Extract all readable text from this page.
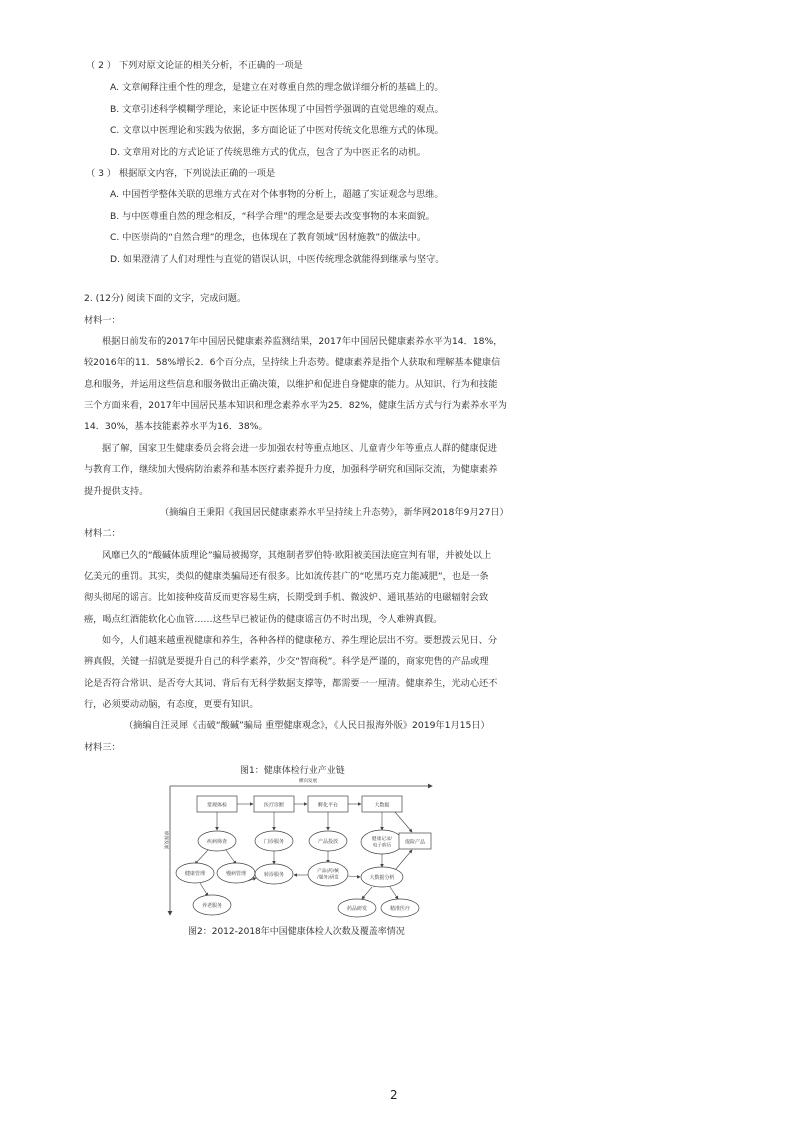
（ 2 ） 下列对原文论证的相关分析，不正确的一项是
A. 文章阐释注重个性的理念，是建立在对尊重自然的理念做详细分析的基础上的。
B. 文章引述科学模糊学理论，来论证中医体现了中国哲学强调的直觉思维的观点。
C. 文章以中医理论和实践为依据，多方面论证了中医对传统文化思维方式的体现。
D. 文章用对比的方式论证了传统思维方式的优点，包含了为中医正名的动机。
（ 3 ） 根据原文内容，下列说法正确的一项是
A. 中国哲学整体关联的思维方式在对个体事物的分析上，超越了实证观念与思维。
B. 与中医尊重自然的理念相反，“科学合理”的理念是要去改变事物的本来面貌。
C. 中医崇尚的“自然合理”的理念，也体现在了教育领域“因材施教”的做法中。
D. 如果澄清了人们对理性与直觉的错误认识，中医传统理念就能得到继承与坚守。
2. (12分) 阅读下面的文字，完成问题。
材料一：
根据日前发布的2017年中国居民健康素养监测结果，2017年中国居民健康素养水平为14．18%，
较2016年的11．58%增长2．6个百分点，呈持续上升态势。健康素养是指个人获取和理解基本健康信
息和服务，并运用这些信息和服务做出正确决策，以维护和促进自身健康的能力。从知识、行为和技能
三个方面来看，2017年中国居民基本知识和理念素养水平为25．82%，健康生活方式与行为素养水平为
14．30%，基本技能素养水平为16．38%。
据了解，国家卫生健康委员会将会进一步加强农村等重点地区、儿童青少年等重点人群的健康促进
与教育工作，继续加大慢病防治素养和基本医疗素养提升力度，加强科学研究和国际交流，为健康素养
提升提供支持。
（摘编自王秉阳《我国居民健康素养水平呈持续上升态势》，新华网2018年9月27日）
材料二：
风靡已久的“酸碱体质理论”骗局被揭穿，其炮制者罗伯特·欧阳被美国法庭宣判有罪，并被处以上
亿美元的重罚。其实，类似的健康类骗局还有很多。比如流传甚广的“吃黑巧克力能减肥”，也是一条
彻头彻尾的谣言。比如接种疫苗反而更容易生病，长期受到手机、微波炉、通讯基站的电磁辐射会致
癌，喝点红酒能软化心血管……这些早已被证伪的健康谣言仍不时出现，令人难辨真假。
如今，人们越来越重视健康和养生，各种各样的健康秘方、养生理论层出不穷。要想拨云见日、分
辨真假，关键一招就是要提升自己的科学素养，少交“智商税”。科学是严谨的，商家兜售的产品或理
论是否符合常识、是否夸大其词、背后有无科学数据支撑等，都需要一一厘清。健康养生，光动心还不
行，必须要动动脑，有态度，更要有知识。
（摘编自汪灵犀《击破“酸碱”骗局 重塑健康观念》，《人民日报海外版》2019年1月15日）
材料三：
图1：健康体检行业产业链
横向发展
纵深发展
常规体检	医疗诊断	孵化平台	大数据
疾病筛查	门诊服务	产品投放	健康记录/
电子病历
保险产品
健康管理	慢病管理	转诊服务
产品(药/械
/服务)研发	大数据分析
养老服务	药品研发	精准医疗
图2：2012-2018年中国健康体检人次数及覆盖率情况
2
